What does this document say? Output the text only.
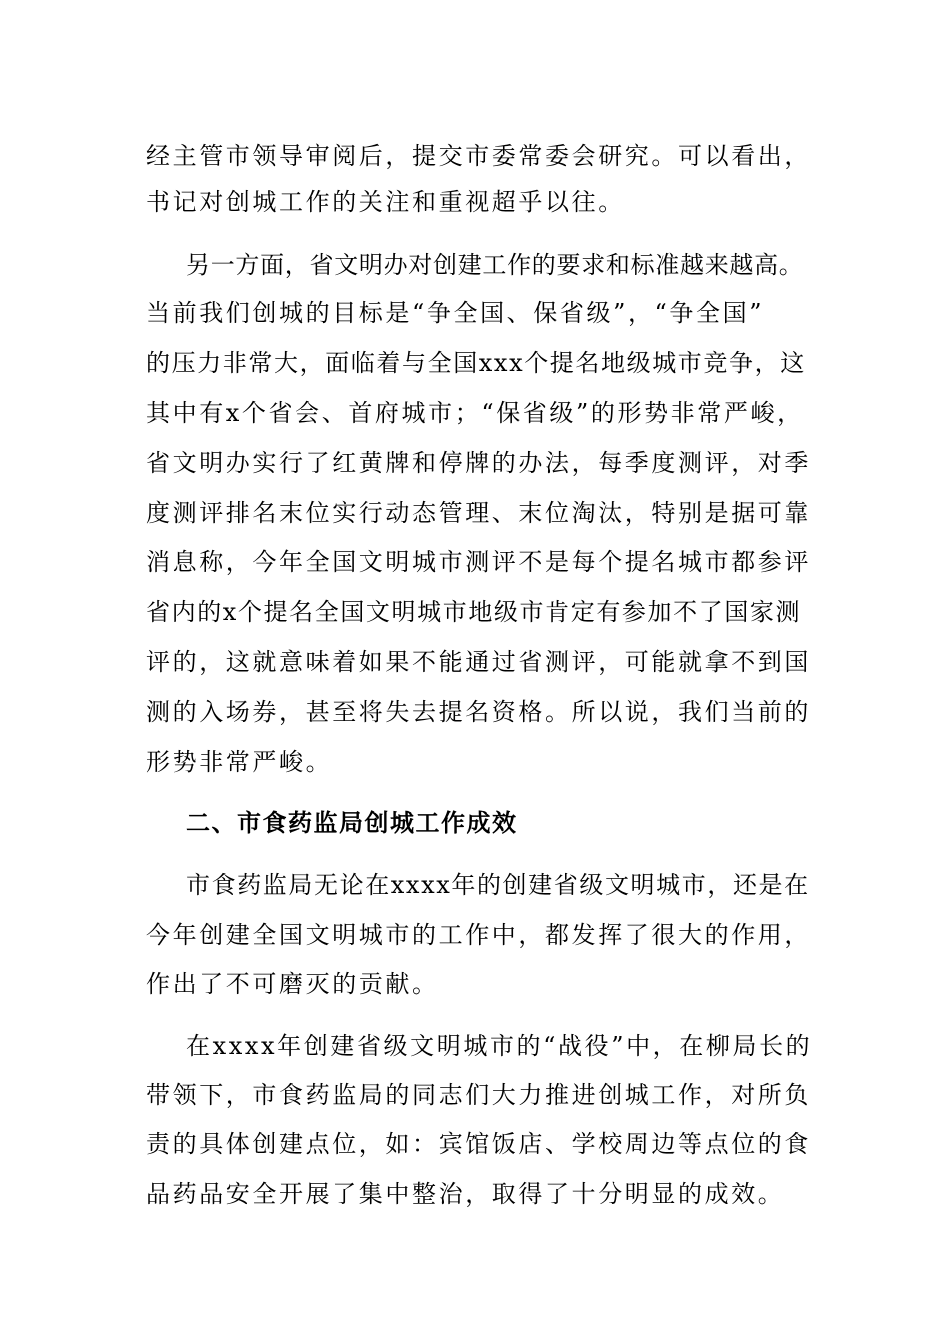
经主管市领导审阅后，提交市委常委会研究。可以看出，
书记对创城工作的关注和重视超乎以往。
另一方面，省文明办对创建工作的要求和标准越来越高。
当前我们创城的目标是“争全国、保省级”，“争全国”
的压力非常大，面临着与全国xxx个提名地级城市竞争，这
其中有x个省会、首府城市；“保省级”的形势非常严峻，
省文明办实行了红黄牌和停牌的办法，每季度测评，对季
度测评排名末位实行动态管理、末位淘汰，特别是据可靠
消息称，今年全国文明城市测评不是每个提名城市都参评
省内的x个提名全国文明城市地级市肯定有参加不了国家测
评的，这就意味着如果不能通过省测评，可能就拿不到国
测的入场券，甚至将失去提名资格。所以说，我们当前的
形势非常严峻。
二、市食药监局创城工作成效
市食药监局无论在xxxx年的创建省级文明城市，还是在
今年创建全国文明城市的工作中，都发挥了很大的作用，
作出了不可磨灭的贡献。
在xxxx年创建省级文明城市的“战役”中，在柳局长的
带领下，市食药监局的同志们大力推进创城工作，对所负
责的具体创建点位，如：宾馆饭店、学校周边等点位的食
品药品安全开展了集中整治，取得了十分明显的成效。
